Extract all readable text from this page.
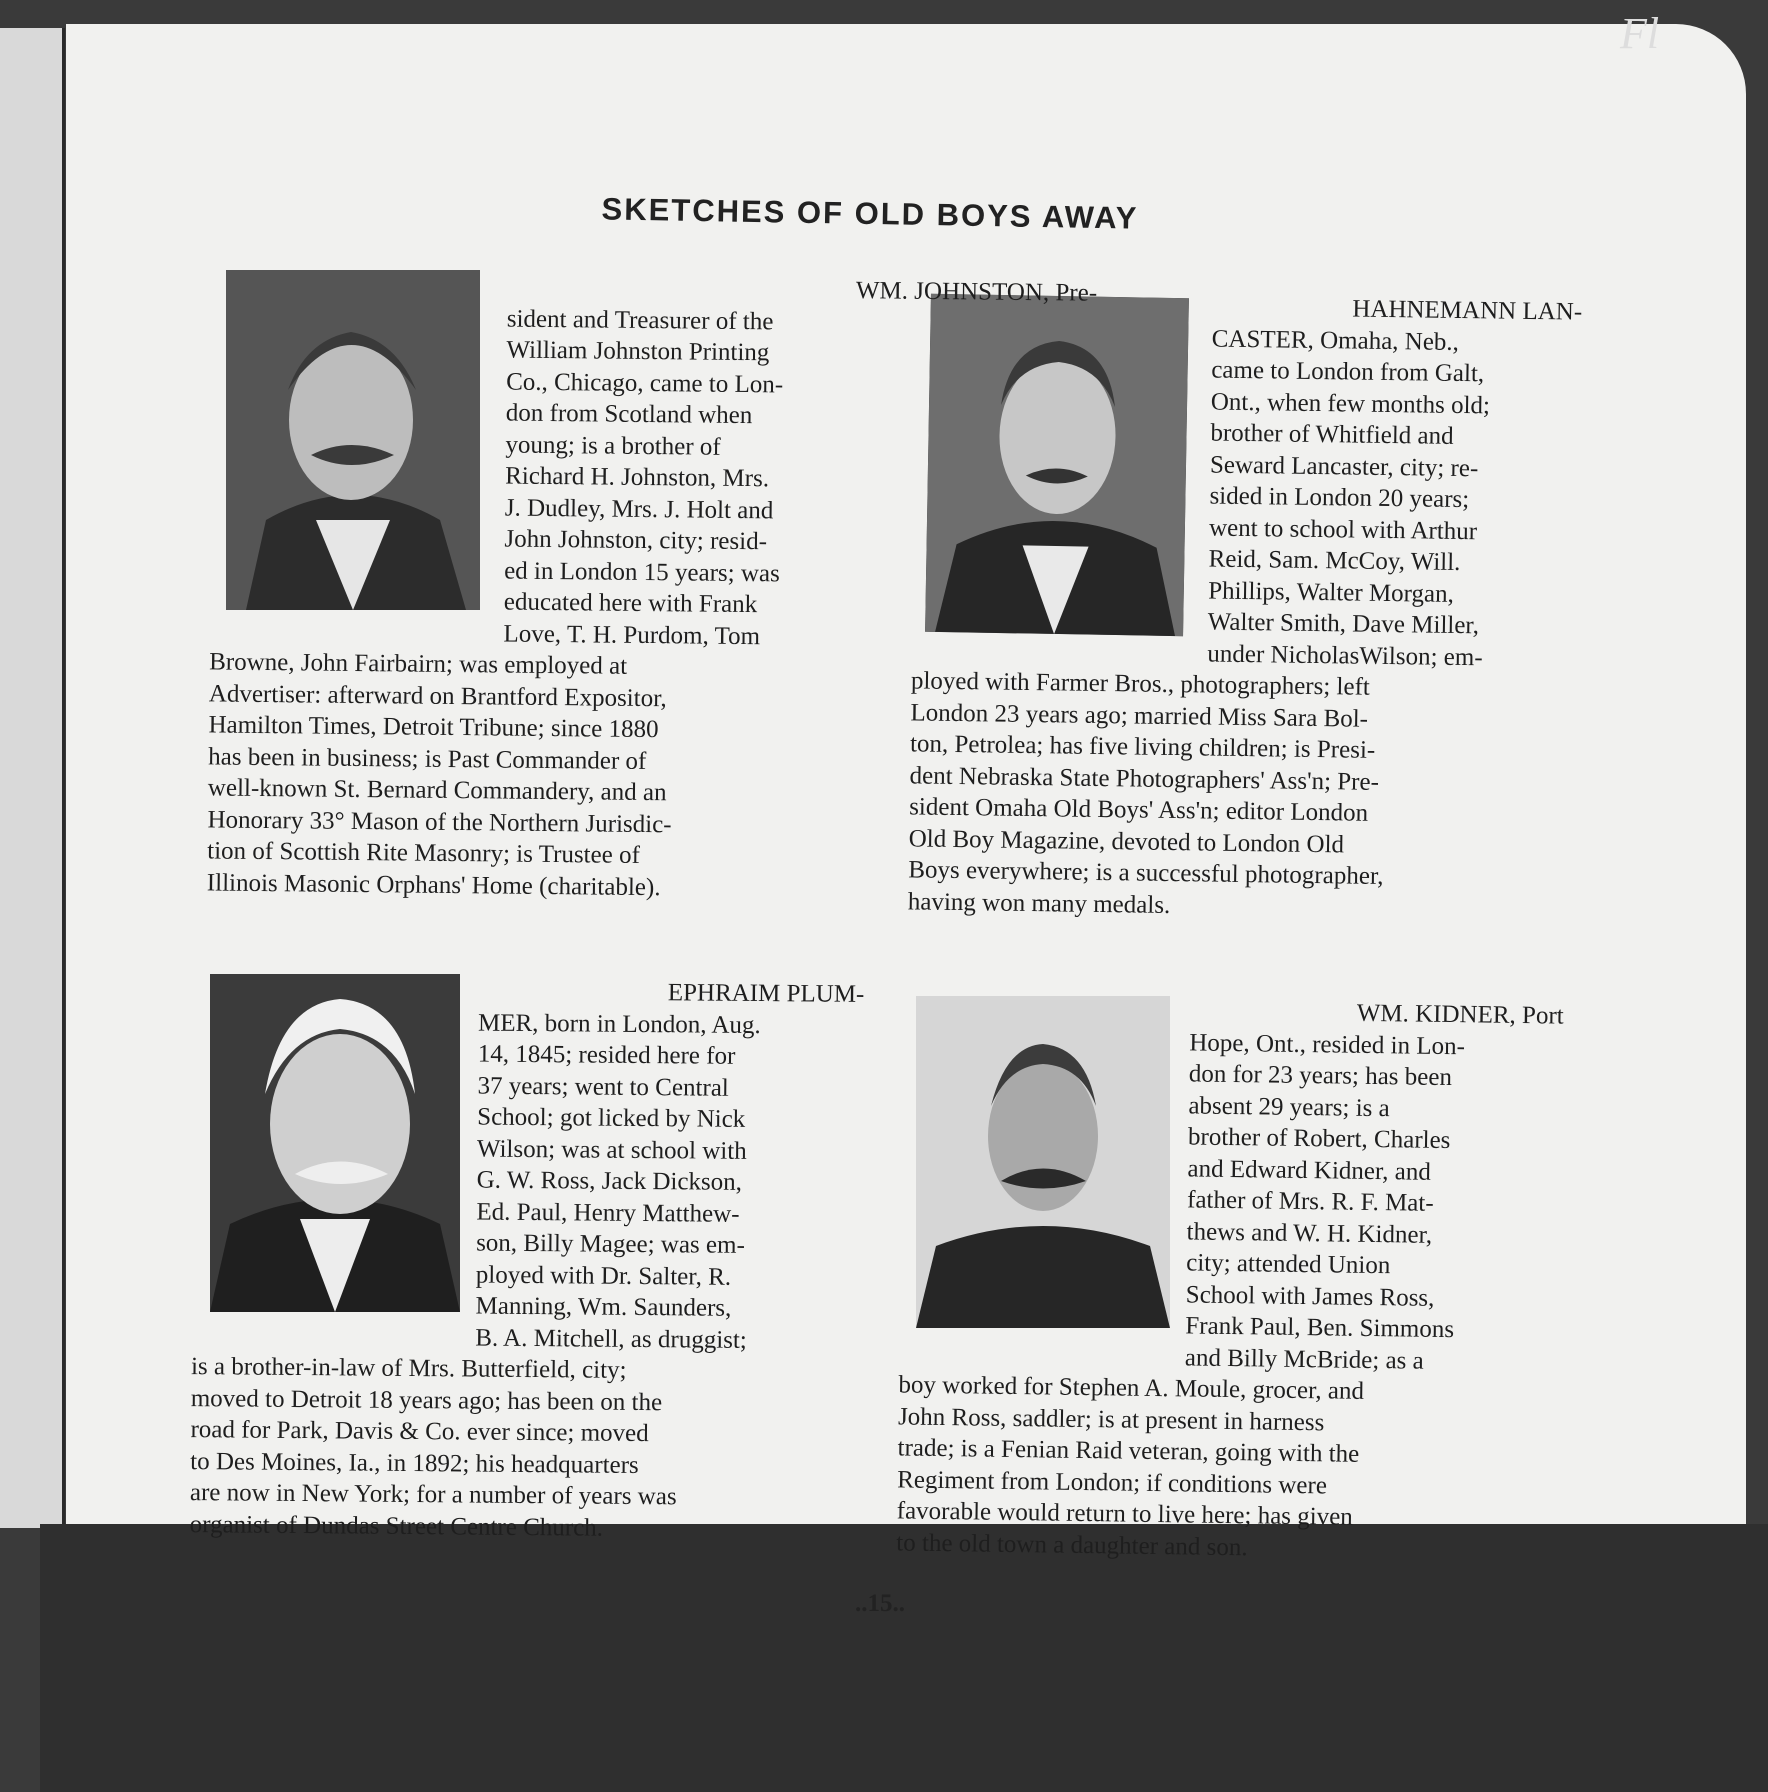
Fl
SKETCHES OF OLD BOYS AWAY
WM. JOHNSTON, Pre-
sident and Treasurer of the
William Johnston Printing
Co., Chicago, came to Lon-
don from Scotland when
young; is a brother of
Richard H. Johnston, Mrs.
J. Dudley, Mrs. J. Holt and
John Johnston, city; resid-
ed in London 15 years; was
educated here with Frank
Love, T. H. Purdom, Tom
Browne, John Fairbairn; was employed at
Advertiser: afterward on Brantford Expositor,
Hamilton Times, Detroit Tribune; since 1880
has been in business; is Past Commander of
well-known St. Bernard Commandery, and an
Honorary 33° Mason of the Northern Jurisdic-
tion of Scottish Rite Masonry; is Trustee of
Illinois Masonic Orphans' Home (charitable).
HAHNEMANN LAN-
CASTER, Omaha, Neb.,
came to London from Galt,
Ont., when few months old;
brother of Whitfield and
Seward Lancaster, city; re-
sided in London 20 years;
went to school with Arthur
Reid, Sam. McCoy, Will.
Phillips, Walter Morgan,
Walter Smith, Dave Miller,
under NicholasWilson; em-
ployed with Farmer Bros., photographers; left
London 23 years ago; married Miss Sara Bol-
ton, Petrolea; has five living children; is Presi-
dent Nebraska State Photographers' Ass'n; Pre-
sident Omaha Old Boys' Ass'n; editor London
Old Boy Magazine, devoted to London Old
Boys everywhere; is a successful photographer,
having won many medals.
EPHRAIM PLUM-
MER, born in London, Aug.
14, 1845; resided here for
37 years; went to Central
School; got licked by Nick
Wilson; was at school with
G. W. Ross, Jack Dickson,
Ed. Paul, Henry Matthew-
son, Billy Magee; was em-
ployed with Dr. Salter, R.
Manning, Wm. Saunders,
B. A. Mitchell, as druggist;
is a brother-in-law of Mrs. Butterfield, city;
moved to Detroit 18 years ago; has been on the
road for Park, Davis & Co. ever since; moved
to Des Moines, Ia., in 1892; his headquarters
are now in New York; for a number of years was
organist of Dundas Street Centre Church.
WM. KIDNER, Port
Hope, Ont., resided in Lon-
don for 23 years; has been
absent 29 years; is a
brother of Robert, Charles
and Edward Kidner, and
father of Mrs. R. F. Mat-
thews and W. H. Kidner,
city; attended Union
School with James Ross,
Frank Paul, Ben. Simmons
and Billy McBride; as a
boy worked for Stephen A. Moule, grocer, and
John Ross, saddler; is at present in harness
trade; is a Fenian Raid veteran, going with the
Regiment from London; if conditions were
favorable would return to live here; has given
to the old town a daughter and son.
..15..
